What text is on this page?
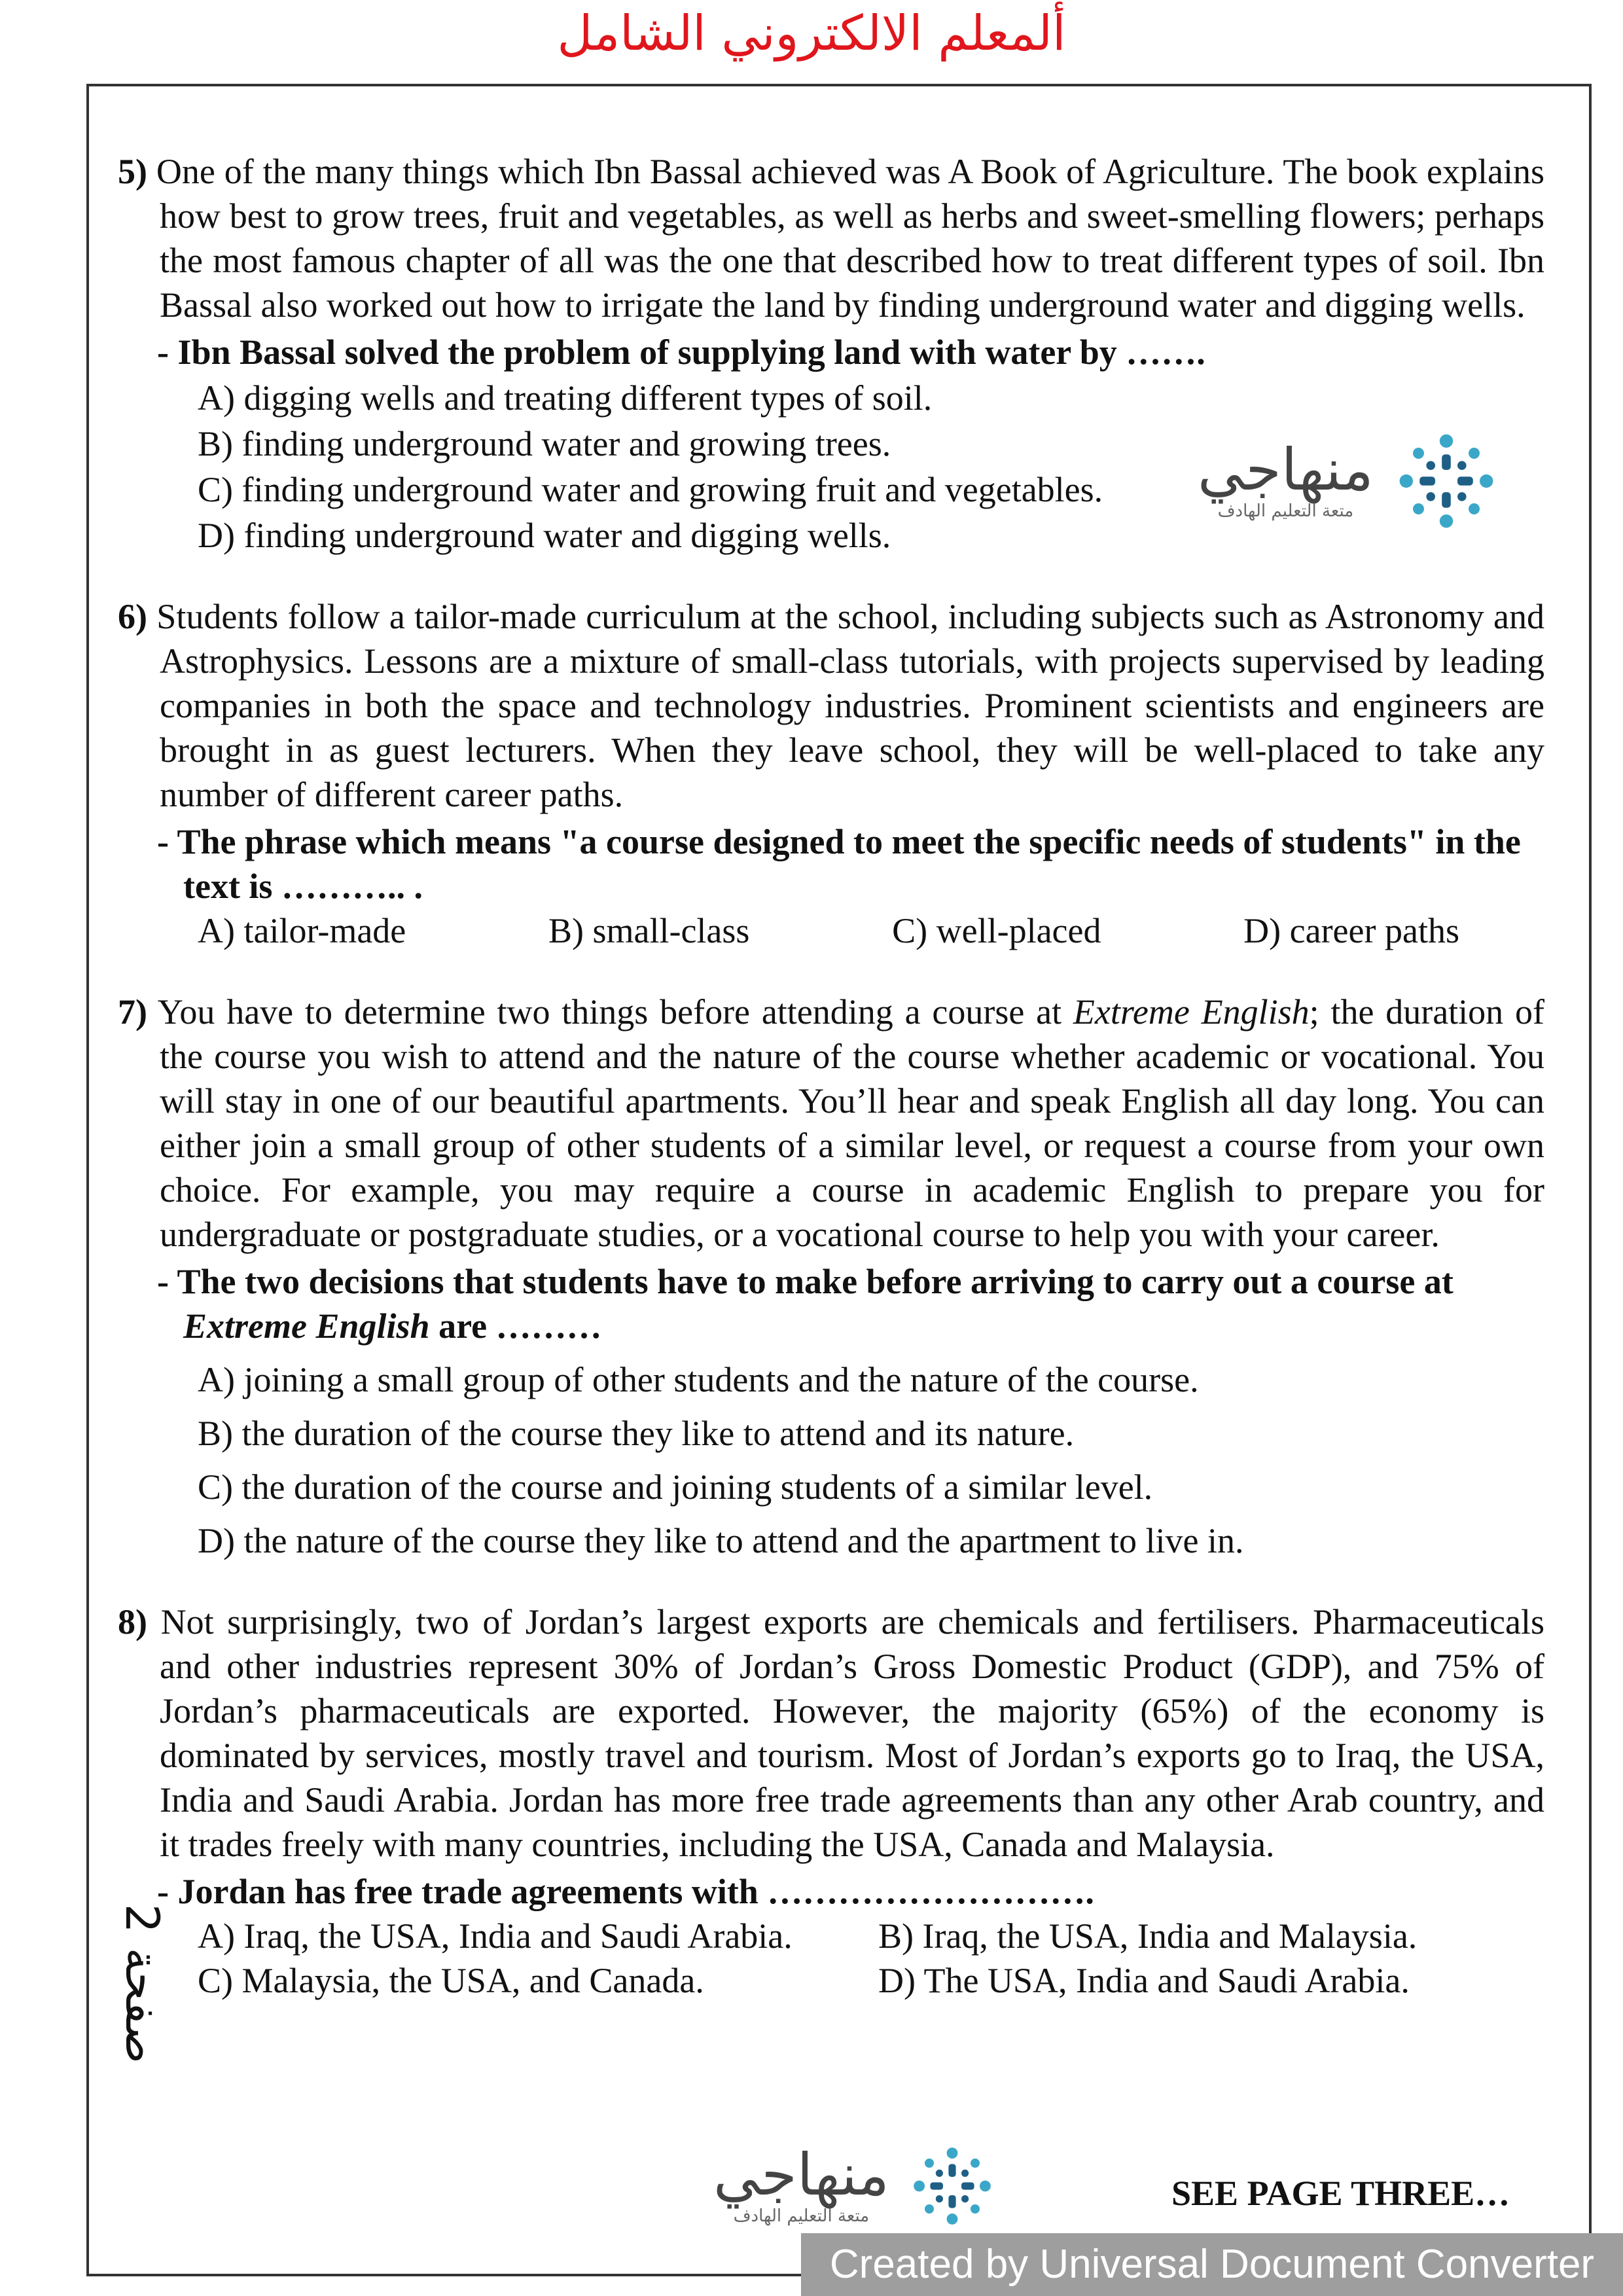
ألمعلم الالكتروني الشامل
5) One of the many things which Ibn Bassal achieved was A Book of Agriculture. The book explains how best to grow trees, fruit and vegetables, as well as herbs and sweet-smelling flowers; perhaps the most famous chapter of all was the one that described how to treat different types of soil. Ibn Bassal also worked out how to irrigate the land by finding underground water and digging wells.
- Ibn Bassal solved the problem of supplying land with water by …….
A) digging wells and treating different types of soil.
B) finding underground water and growing trees.
C) finding underground water and growing fruit and vegetables.
D) finding underground water and digging wells.
6) Students follow a tailor-made curriculum at the school, including subjects such as Astronomy and Astrophysics. Lessons are a mixture of small-class tutorials, with projects supervised by leading companies in both the space and technology industries. Prominent scientists and engineers are brought in as guest lecturers. When they leave school, they will be well-placed to take any number of different career paths.
- The phrase which means "a course designed to meet the specific needs of students" in the text is ……….. .
A) tailor-made	B) small-class	C) well-placed	D) career paths
7) You have to determine two things before attending a course at Extreme English; the duration of the course you wish to attend and the nature of the course whether academic or vocational. You will stay in one of our beautiful apartments. You’ll hear and speak English all day long. You can either join a small group of other students of a similar level, or request a course from your own choice. For example, you may require a course in academic English to prepare you for undergraduate or postgraduate studies, or a vocational course to help you with your career.
- The two decisions that students have to make before arriving to carry out a course at Extreme English are ………
A) joining a small group of other students and the nature of the course.
B) the duration of the course they like to attend and its nature.
C) the duration of the course and joining students of a similar level.
D) the nature of the course they like to attend and the apartment to live in.
8) Not surprisingly, two of Jordan’s largest exports are chemicals and fertilisers. Pharmaceuticals and other industries represent 30% of Jordan’s Gross Domestic Product (GDP), and 75% of Jordan’s pharmaceuticals are exported. However, the majority (65%) of the economy is dominated by services, mostly travel and tourism. Most of Jordan’s exports go to Iraq, the USA, India and Saudi Arabia. Jordan has more free trade agreements than any other Arab country, and it trades freely with many countries, including the USA, Canada and Malaysia.
- Jordan has free trade agreements with ……………………….
A) Iraq, the USA, India and Saudi Arabia.	B) Iraq, the USA, India and Malaysia.
C) Malaysia, the USA, and Canada.	D) The USA, India and Saudi Arabia.
منهاجي
متعة التعليم الهادف
منهاجي
متعة التعليم الهادف
صفحة 2
SEE PAGE THREE…
Created by Universal Document Converter
